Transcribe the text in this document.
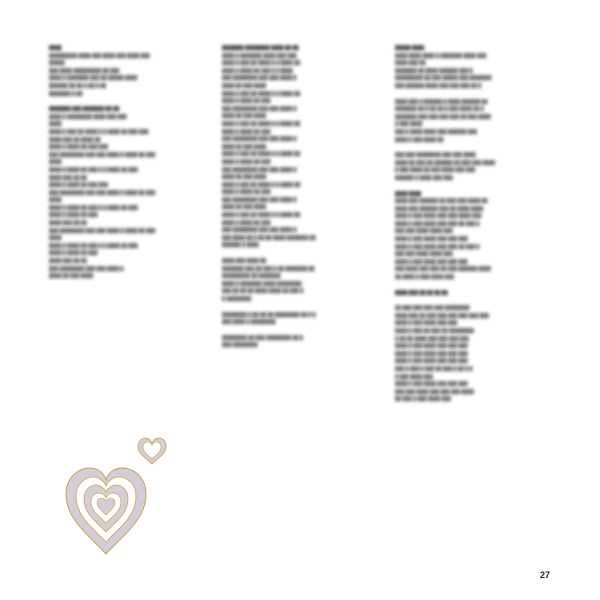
████

█████████ ████ ███ ████ ███ ████ ███

█████

███ ████ █████████ ██ ███

████ █ ███████ ███ ██ █████ ████

██████ ██ ██ █ ██ █ ██

███████ █ ██

███████ ███ ███████ ██ ██

████ █ ████████ ████ ███ ███

████

████ █ ███ ██ ████ █ █ ████ ██ ███ ███

████ ███ ██ ████ ██

████ █ ████ ██ ███ ███

███ ████████ ███ ███ ████ █ ████ ██ ███

████

████ █ ████ ██ ███ █ █ ████ ██ ███

████ ███ ██ ██

████ █ ████ ██ ███ ███

███ ████████ ███ ███ ████ █ ████ ██ ███

████

████ █ ████ ██ ███ █ █ ████ ██ ███

████ █ ████ ██ ███

████ ███ ██ ██

███ ████████ ███ ███ ████ █ ████ ██ ███

████

████ █ ████ ██ ███ █ █ ████ ██ ███

████ █ ████ ██ ███

████ ███ ██ ██

███ ████████ ███ ███ ████ █

████ ██ ███ ████

███████ ████████ ████ ██ ██

████ █ ███████ ████ ███ ███

████ █ ███ ██ ████ █ █ ████ ██

████ █ ████ ██ ███ █ █ ████

███ ████████ ███ ███ ████ █

████ ██ ███ ████

████ █ ███ ██ ████ █ █ ████ ██

████ █ ████ ██ ███

███ ████████ ███ ███ ████ █

████ ██ ███ ████

████ █ ███ ██ ████ █ █ ████ ██

████ █ ████ ██ ███

███ ████████ ███ ███ ████ █

████ ██ ███ ████

████ █ ███ ██ ████ █ █ ████ ██

████ █ ████ ██ ███

███ ████████ ███ ███ ████ █

████ ██ ███ ████

████ █ ███ ██ ████ █ █ ████ ██

████ █ ████ ██ ███

███ ████████ ███ ███ ████ █

████ ██ ███ ████

████ █ ███ ██ ████ █ █ ████ ██

████ █ ████ ██ ███

███ ████████ ███ ███ ████ █

███ ████ ██ █ ██ ██ ████ ███████ ██

██████ █ ████

████ ███ ████ ██

███████ ███ ██ ███ █ ██ ███████ ██

█████████ ██ ███████

████ █ ███████ ████ ████████

███ ██ ██ ██ ████ ████ ██ ███ █

█ ████████

████████ █ ██ ██ ██ ████████ ██ █ █

███ ████ █ ████████

████████ ██ ███ ████████ ██ █

███ ████████

█████ ████

████ ████ ████ █ ███████ ████ ███

████ ███ ██

███████ ██ ████ ██████ ███ █

█████████ ██ ███ █████ ███ ███████

███ ██████ ████ ███ ███ ███ ██ █

████ ███ █ ██████ █ ████ ██████ ██

███████ ██ █ ██ ██ █ ███ ████ ██ █

███████ ███ ███ ███ ███ ██ ███ ████

█ ███ ████

███ █ ████ ████ ███ ██████ ███

████ █ ███ ████ ██

███ ███ ████████ ███ ███ ████

████ ██ ███ ██ ██████ ██ ███ ███ ████

█ ███ ████ ██ ███ ████ ███ ███

██████ █ ████ ███ ███

████ ████

████ ███ ██████ ██ ███ ███ ████ ██

████ ███ ██████ ███ ██ ████ ████

████ █ ███ ████ ███ ███ ████ ███

████ █ ███ ████ ███ ███ ██ ███ █

███ ███ ████ ████ ███

████ █ ███ ████ ███ ███ ███

████ █ ███ ████ ███ ███ ██ ███ █

███ ███ ████ ████ ███

████ █ ███ ████ ███ ███ ███

███ ████ ███ ███ ██ ███ ██████ ████

██ ████ █ ███ ████ ███

████ ███ ██ ██ ██ ██

██ ███ ███ ███ ███ ████████

████ ███ ██ ███ ███ ███ ███ ███ ███

████ █ ███ ████ ███ ███

████ █ ███ ██ ███ ██ ████████

█ ██ ██ ████ ███ ███ ███ ███

████ █ ███ ████ ███ ███ ███

████ █ ███ ████ ███ ███ ███

████ █ ███ ████ ███ ███ ███

███ █ ███ █ ███ ██ ███ █ ██ █ █

█ ███ ████ ███

████ █ ███ ████ ███ ███ ███

███ ███ ████ ███ ███ ███ ████

██ ███ █ ███ ████ ███

27
